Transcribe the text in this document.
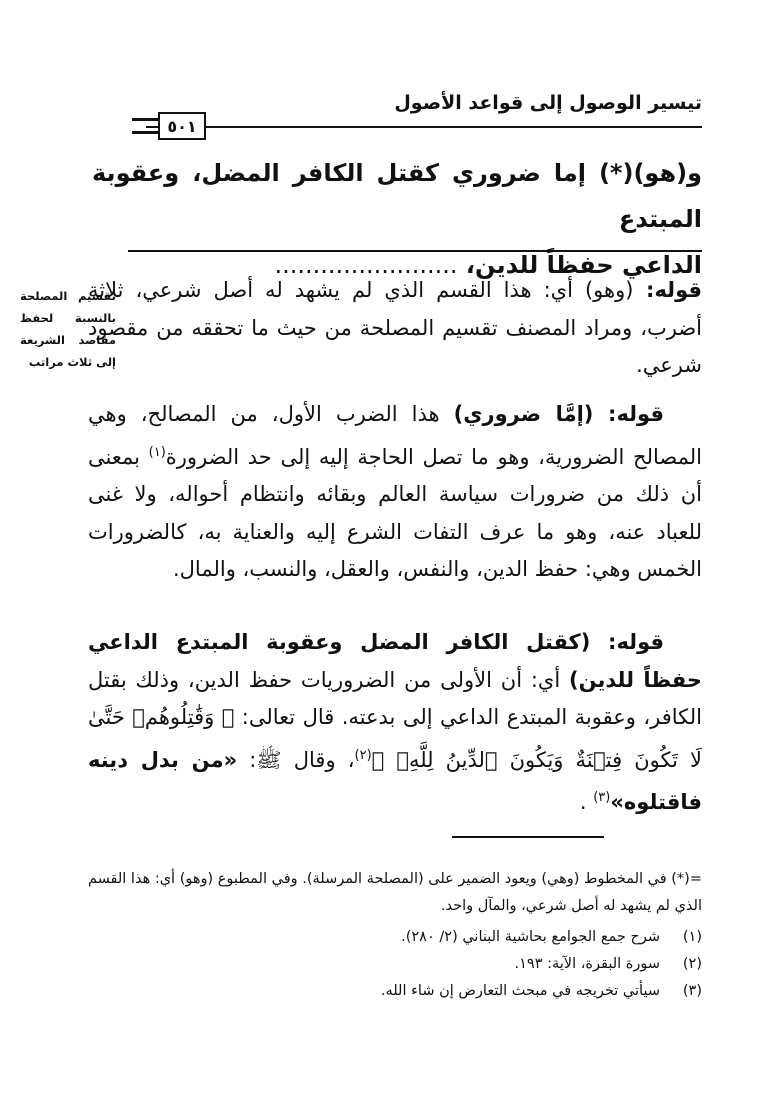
تيسير الوصول إلى قواعد الأصول
٥٠١
و(هو)(*) إما ضروري كقتل الكافر المضل، وعقوبة المبتدع
الداعي حفظاً للدين، ........................
تقسيم المصلحة بالنسبة لحفظ مقاصد الشريعة إلى ثلاث مراتب
قوله: (وهو) أي: هذا القسم الذي لم يشهد له أصل شرعي، ثلاثة أضرب، ومراد المصنف تقسيم المصلحة من حيث ما تحققه من مقصود شرعي.
قوله: (إمَّا ضروري) هذا الضرب الأول، من المصالح، وهي المصالح الضرورية، وهو ما تصل الحاجة إليه إلى حد الضرورة$^{(١)}$ بمعنى أن ذلك من ضرورات سياسة العالم وبقائه وانتظام أحواله، ولا غنى للعباد عنه، وهو ما عرف التفات الشرع إليه والعناية به، كالضرورات الخمس وهي: حفظ الدين، والنفس، والعقل، والنسب، والمال.
قوله: (كقتل الكافر المضل وعقوبة المبتدع الداعي حفظاً للدين) أي: أن الأولى من الضروريات حفظ الدين، وذلك بقتل الكافر، وعقوبة المبتدع الداعي إلى بدعته. قال تعالى: ﴿ وَقَٰتِلُوهُمۡ حَتَّىٰ لَا تَكُونَ فِتۡنَةٌ وَيَكُونَ ٱلدِّينُ لِلَّهِۖ ﴾$^{(٢)}$، وقال ﷺ: «من بدل دينه فاقتلوه»$^{(٣)}$ .
=(*) في المخطوط (وهي) ويعود الضمير على (المصلحة المرسلة). وفي المطبوع (وهو) أي: هذا القسم الذي لم يشهد له أصل شرعي، والمآل واحد.
(١)
شرح جمع الجوامع بحاشية البناني (٢/ ٢٨٠).
(٢)
سورة البقرة، الآية: ١٩٣.
(٣)
سيأتي تخريجه في مبحث التعارض إن شاء الله.
